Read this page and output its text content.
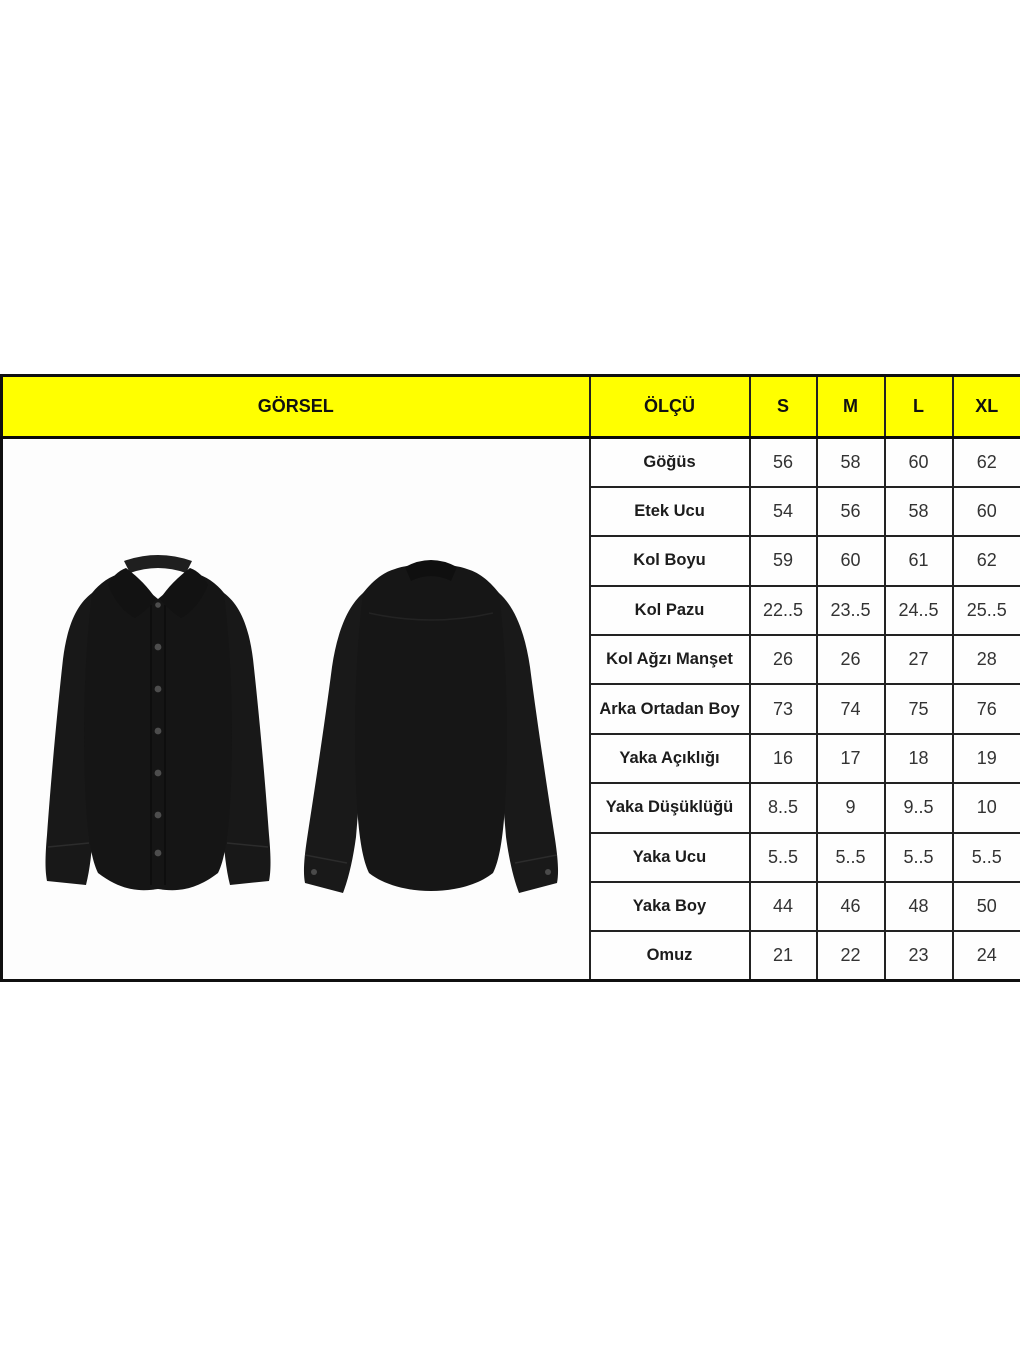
GÖRSEL	ÖLÇÜ	S	M	L	XL

	Göğüs	56	58	60	62
	Etek Ucu	54	56	58	60
	Kol Boyu	59	60	61	62
	Kol Pazu	22..5	23..5	24..5	25..5
	Kol Ağzı Manşet	26	26	27	28
	Arka Ortadan Boy	73	74	75	76
	Yaka Açıklığı	16	17	18	19
	Yaka Düşüklüğü	8..5	9	9..5	10
	Yaka Ucu	5..5	5..5	5..5	5..5
	Yaka Boy	44	46	48	50
	Omuz	21	22	23	24
